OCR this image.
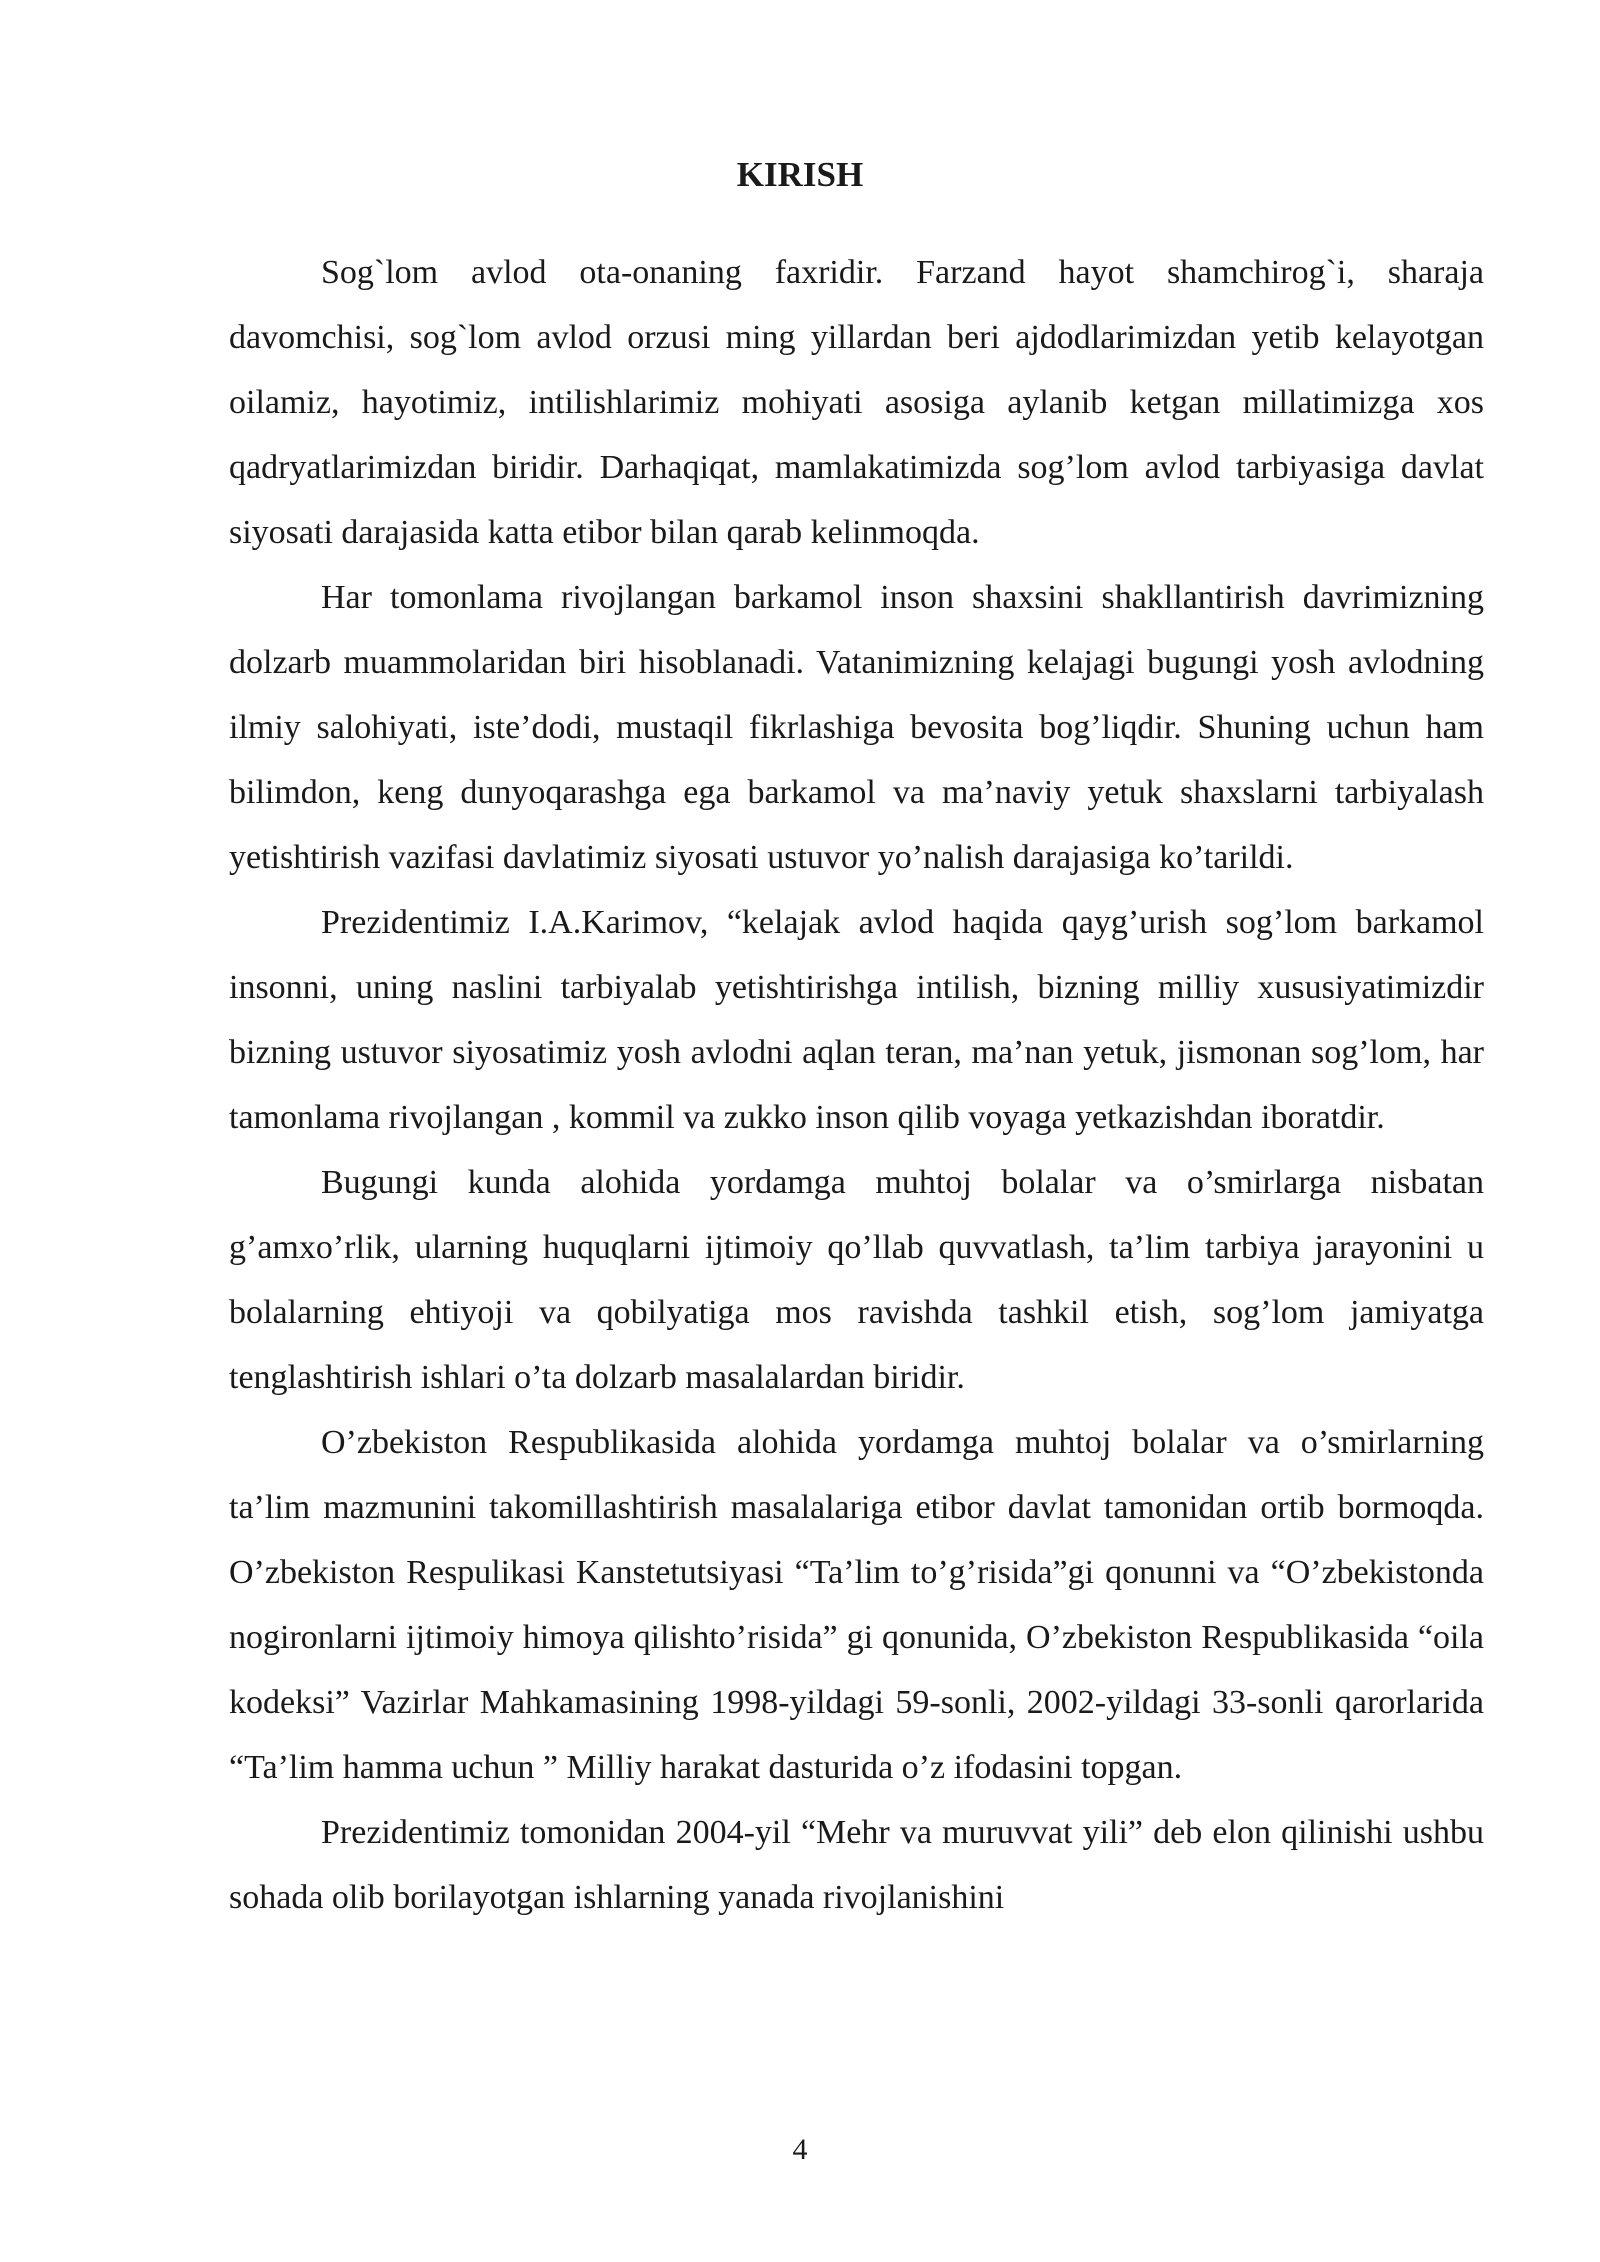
KIRISH

Sog`lom avlod ota-onaning faxridir. Farzand hayot shamchirog`i, sharaja davomchisi, sog`lom avlod orzusi ming yillardan beri ajdodlarimizdan yetib kelayotgan oilamiz, hayotimiz, intilishlarimiz mohiyati asosiga aylanib ketgan millatimizga xos qadryatlarimizdan biridir. Darhaqiqat, mamlakatimizda sog’lom avlod tarbiyasiga davlat siyosati darajasida katta etibor bilan qarab kelinmoqda.

Har tomonlama rivojlangan barkamol inson shaxsini shakllantirish davrimizning dolzarb muammolaridan biri hisoblanadi. Vatanimizning kelajagi bugungi yosh avlodning ilmiy salohiyati, iste’dodi, mustaqil fikrlashiga bevosita bog’liqdir. Shuning uchun ham bilimdon, keng dunyoqarashga ega barkamol va ma’naviy yetuk shaxslarni tarbiyalash yetishtirish vazifasi davlatimiz siyosati ustuvor yo’nalish darajasiga ko’tarildi.

Prezidentimiz I.A.Karimov, “kelajak avlod haqida qayg’urish sog’lom barkamol insonni, uning naslini tarbiyalab yetishtirishga intilish, bizning milliy xususiyatimizdir bizning ustuvor siyosatimiz yosh avlodni aqlan teran, ma’nan yetuk, jismonan sog’lom, har tamonlama rivojlangan , kommil va zukko inson qilib voyaga yetkazishdan iboratdir.

Bugungi kunda alohida yordamga muhtoj bolalar va o’smirlarga nisbatan g’amxo’rlik, ularning huquqlarni ijtimoiy qo’llab quvvatlash, ta’lim tarbiya jarayonini u bolalarning ehtiyoji va qobilyatiga mos ravishda tashkil etish, sog’lom jamiyatga tenglashtirish ishlari o’ta dolzarb masalalardan biridir.

O’zbekiston Respublikasida alohida yordamga muhtoj bolalar va o’smirlarning ta’lim mazmunini takomillashtirish masalalariga etibor davlat tamonidan ortib bormoqda. O’zbekiston Respulikasi Kanstetutsiyasi “Ta’lim to’g’risida”gi qonunni va “O’zbekistonda nogironlarni ijtimoiy himoya qilishto’risida” gi qonunida, O’zbekiston Respublikasida “oila kodeksi” Vazirlar Mahkamasining 1998-yildagi 59-sonli, 2002-yildagi 33-sonli qarorlarida “Ta’lim hamma uchun ” Milliy harakat dasturida o’z ifodasini topgan.

Prezidentimiz tomonidan 2004-yil “Mehr va muruvvat yili” deb elon qilinishi ushbu sohada olib borilayotgan ishlarning yanada rivojlanishini

4
